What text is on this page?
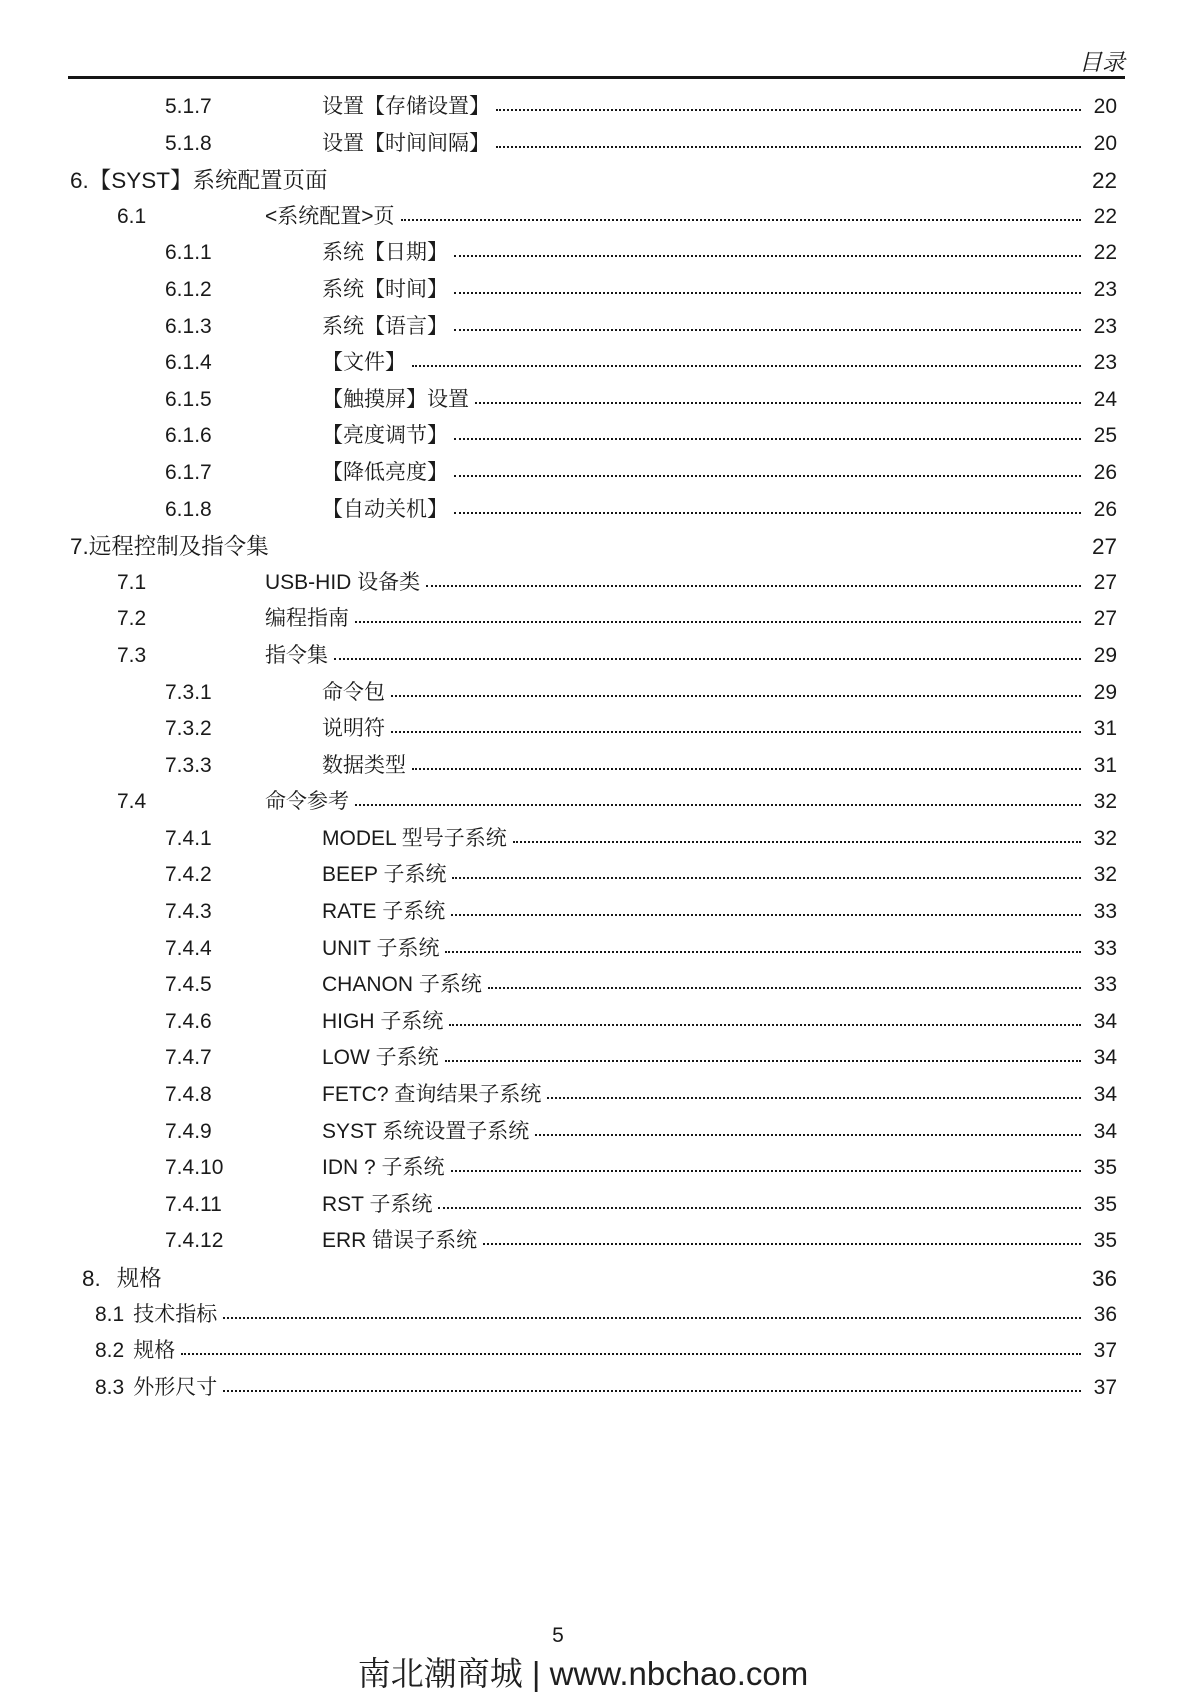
目录
5.1.7	设置【存储设置】	20
5.1.8	设置【时间间隔】	20
6. 【SYST】系统配置页面	22
6.1	<系统配置>页	22
6.1.1	系统【日期】	22
6.1.2	系统【时间】	23
6.1.3	系统【语言】	23
6.1.4	【文件】	23
6.1.5	【触摸屏】设置	24
6.1.6	【亮度调节】	25
6.1.7	【降低亮度】	26
6.1.8	【自动关机】	26
7. 远程控制及指令集	27
7.1	USB-HID 设备类	27
7.2	编程指南	27
7.3	指令集	29
7.3.1	命令包	29
7.3.2	说明符	31
7.3.3	数据类型	31
7.4	命令参考	32
7.4.1	MODEL 型号子系统	32
7.4.2	BEEP 子系统	32
7.4.3	RATE 子系统	33
7.4.4	UNIT 子系统	33
7.4.5	CHANON 子系统	33
7.4.6	HIGH 子系统	34
7.4.7	LOW 子系统	34
7.4.8	FETC? 查询结果子系统	34
7.4.9	SYST 系统设置子系统	34
7.4.10	IDN ? 子系统	35
7.4.11	RST 子系统	35
7.4.12	ERR 错误子系统	35
8. 规格	36
8.1 技术指标	36
8.2 规格	37
8.3 外形尺寸	37
5
南北潮商城 | www.nbchao.com
